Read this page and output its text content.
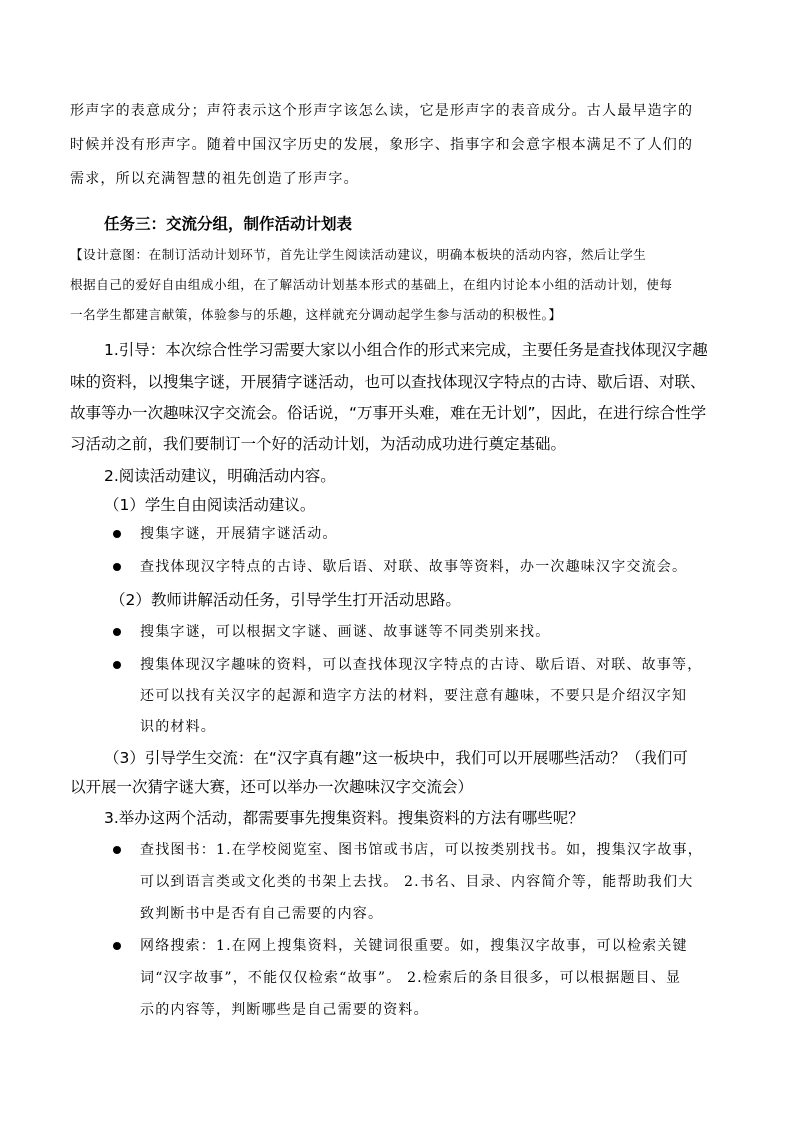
形声字的表意成分；声符表示这个形声字该怎么读，它是形声字的表音成分。古人最早造字的
时候并没有形声字。随着中国汉字历史的发展，象形字、指事字和会意字根本满足不了人们的
需求，所以充满智慧的祖先创造了形声字。
任务三：交流分组，制作活动计划表
【设计意图：在制订活动计划环节，首先让学生阅读活动建议，明确本板块的活动内容，然后让学生
根据自己的爱好自由组成小组，在了解活动计划基本形式的基础上，在组内讨论本小组的活动计划，使每
一名学生都建言献策，体验参与的乐趣，这样就充分调动起学生参与活动的积极性。】
1.引导：本次综合性学习需要大家以小组合作的形式来完成，主要任务是查找体现汉字趣
味的资料，以搜集字谜，开展猜字谜活动，也可以查找体现汉字特点的古诗、歇后语、对联、
故事等办一次趣味汉字交流会。俗话说，“万事开头难，难在无计划”，因此，在进行综合性学
习活动之前，我们要制订一个好的活动计划，为活动成功进行奠定基础。
2.阅读活动建议，明确活动内容。
（1）学生自由阅读活动建议。
搜集字谜，开展猜字谜活动。
查找体现汉字特点的古诗、歇后语、对联、故事等资料，办一次趣味汉字交流会。
（2）教师讲解活动任务，引导学生打开活动思路。
搜集字谜，可以根据文字谜、画谜、故事谜等不同类别来找。
搜集体现汉字趣味的资料，可以查找体现汉字特点的古诗、歇后语、对联、故事等，
还可以找有关汉字的起源和造字方法的材料，要注意有趣味，不要只是介绍汉字知
识的材料。
（3）引导学生交流：在“汉字真有趣”这一板块中，我们可以开展哪些活动？（我们可
以开展一次猜字谜大赛，还可以举办一次趣味汉字交流会）
3.举办这两个活动，都需要事先搜集资料。搜集资料的方法有哪些呢？
查找图书：1.在学校阅览室、图书馆或书店，可以按类别找书。如，搜集汉字故事，
可以到语言类或文化类的书架上去找。 2.书名、目录、内容简介等，能帮助我们大
致判断书中是否有自己需要的内容。
网络搜索：1.在网上搜集资料，关键词很重要。如，搜集汉字故事，可以检索关键
词“汉字故事”，不能仅仅检索“故事”。 2.检索后的条目很多，可以根据题目、显
示的内容等，判断哪些是自己需要的资料。
